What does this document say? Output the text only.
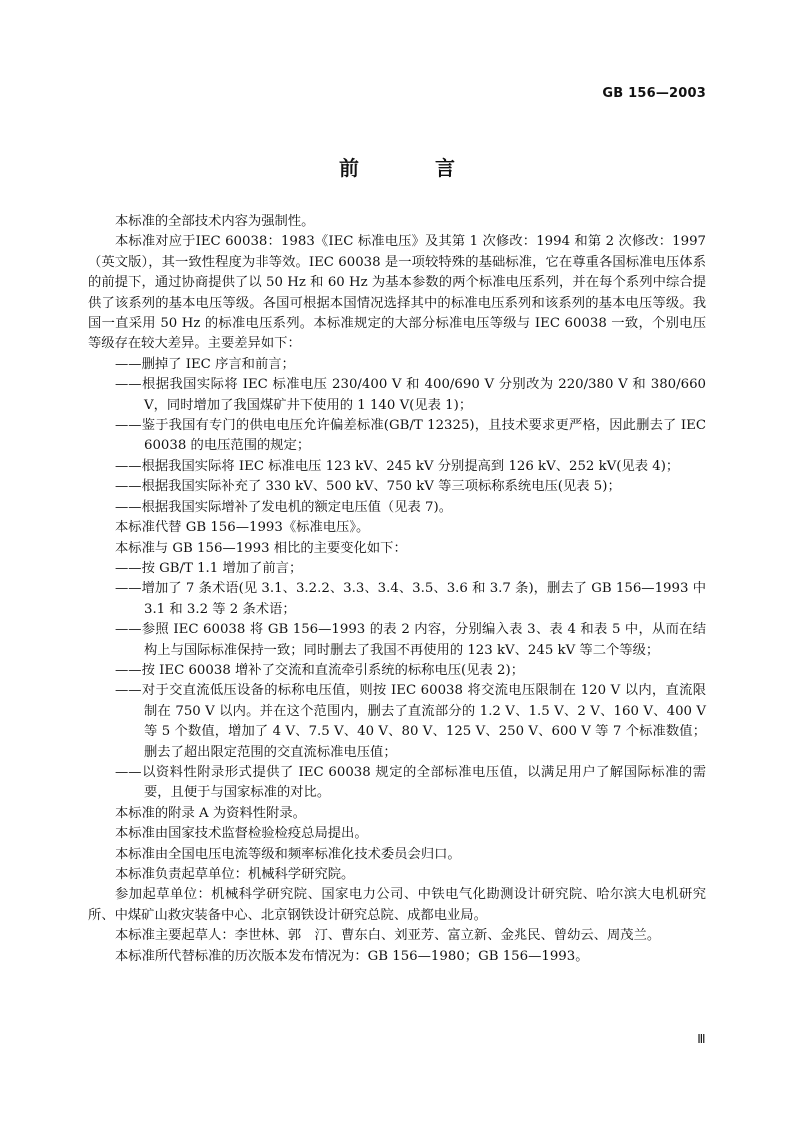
GB 156—2003
前　言

本标准的全部技术内容为强制性。

本标准对应于IEC 60038：1983《IEC 标准电压》及其第 1 次修改：1994 和第 2 次修改：1997（英文版），其一致性程度为非等效。IEC 60038 是一项较特殊的基础标准，它在尊重各国标准电压体系的前提下，通过协商提供了以 50 Hz 和 60 Hz 为基本参数的两个标准电压系列，并在每个系列中综合提供了该系列的基本电压等级。各国可根据本国情况选择其中的标准电压系列和该系列的基本电压等级。我国一直采用 50 Hz 的标准电压系列。本标准规定的大部分标准电压等级与 IEC 60038 一致，个别电压等级存在较大差异。主要差异如下：

——删掉了 IEC 序言和前言；
——根据我国实际将 IEC 标准电压 230/400 V 和 400/690 V 分别改为 220/380 V 和 380/660 V，同时增加了我国煤矿井下使用的 1 140 V(见表 1)；
——鉴于我国有专门的供电电压允许偏差标准(GB/T 12325)，且技术要求更严格，因此删去了 IEC 60038 的电压范围的规定；
——根据我国实际将 IEC 标准电压 123 kV、245 kV 分别提高到 126 kV、252 kV(见表 4)；
——根据我国实际补充了 330 kV、500 kV、750 kV 等三项标称系统电压(见表 5)；
——根据我国实际增补了发电机的额定电压值（见表 7)。

本标准代替 GB 156—1993《标准电压》。

本标准与 GB 156—1993 相比的主要变化如下：

——按 GB/T 1.1 增加了前言；
——增加了 7 条术语(见 3.1、3.2.2、3.3、3.4、3.5、3.6 和 3.7 条)，删去了 GB 156—1993 中 3.1 和 3.2 等 2 条术语；
——参照 IEC 60038 将 GB 156—1993 的表 2 内容，分别编入表 3、表 4 和表 5 中，从而在结构上与国际标准保持一致；同时删去了我国不再使用的 123 kV、245 kV 等二个等级；
——按 IEC 60038 增补了交流和直流牵引系统的标称电压(见表 2)；
——对于交直流低压设备的标称电压值，则按 IEC 60038 将交流电压限制在 120 V 以内，直流限制在 750 V 以内。并在这个范围内，删去了直流部分的 1.2 V、1.5 V、2 V、160 V、400 V 等 5 个数值，增加了 4 V、7.5 V、40 V、80 V、125 V、250 V、600 V 等 7 个标准数值；删去了超出限定范围的交直流标准电压值；
——以资料性附录形式提供了 IEC 60038 规定的全部标准电压值，以满足用户了解国际标准的需要，且便于与国家标准的对比。

本标准的附录 A 为资料性附录。

本标准由国家技术监督检验检疫总局提出。

本标准由全国电压电流等级和频率标准化技术委员会归口。

本标准负责起草单位：机械科学研究院。

参加起草单位：机械科学研究院、国家电力公司、中铁电气化勘测设计研究院、哈尔滨大电机研究所、中煤矿山救灾装备中心、北京钢铁设计研究总院、成都电业局。

本标准主要起草人：李世林、郭　汀、曹东白、刘亚芳、富立新、金兆民、曾幼云、周茂兰。

本标准所代替标准的历次版本发布情况为：GB 156—1980；GB 156—1993。

Ⅲ
